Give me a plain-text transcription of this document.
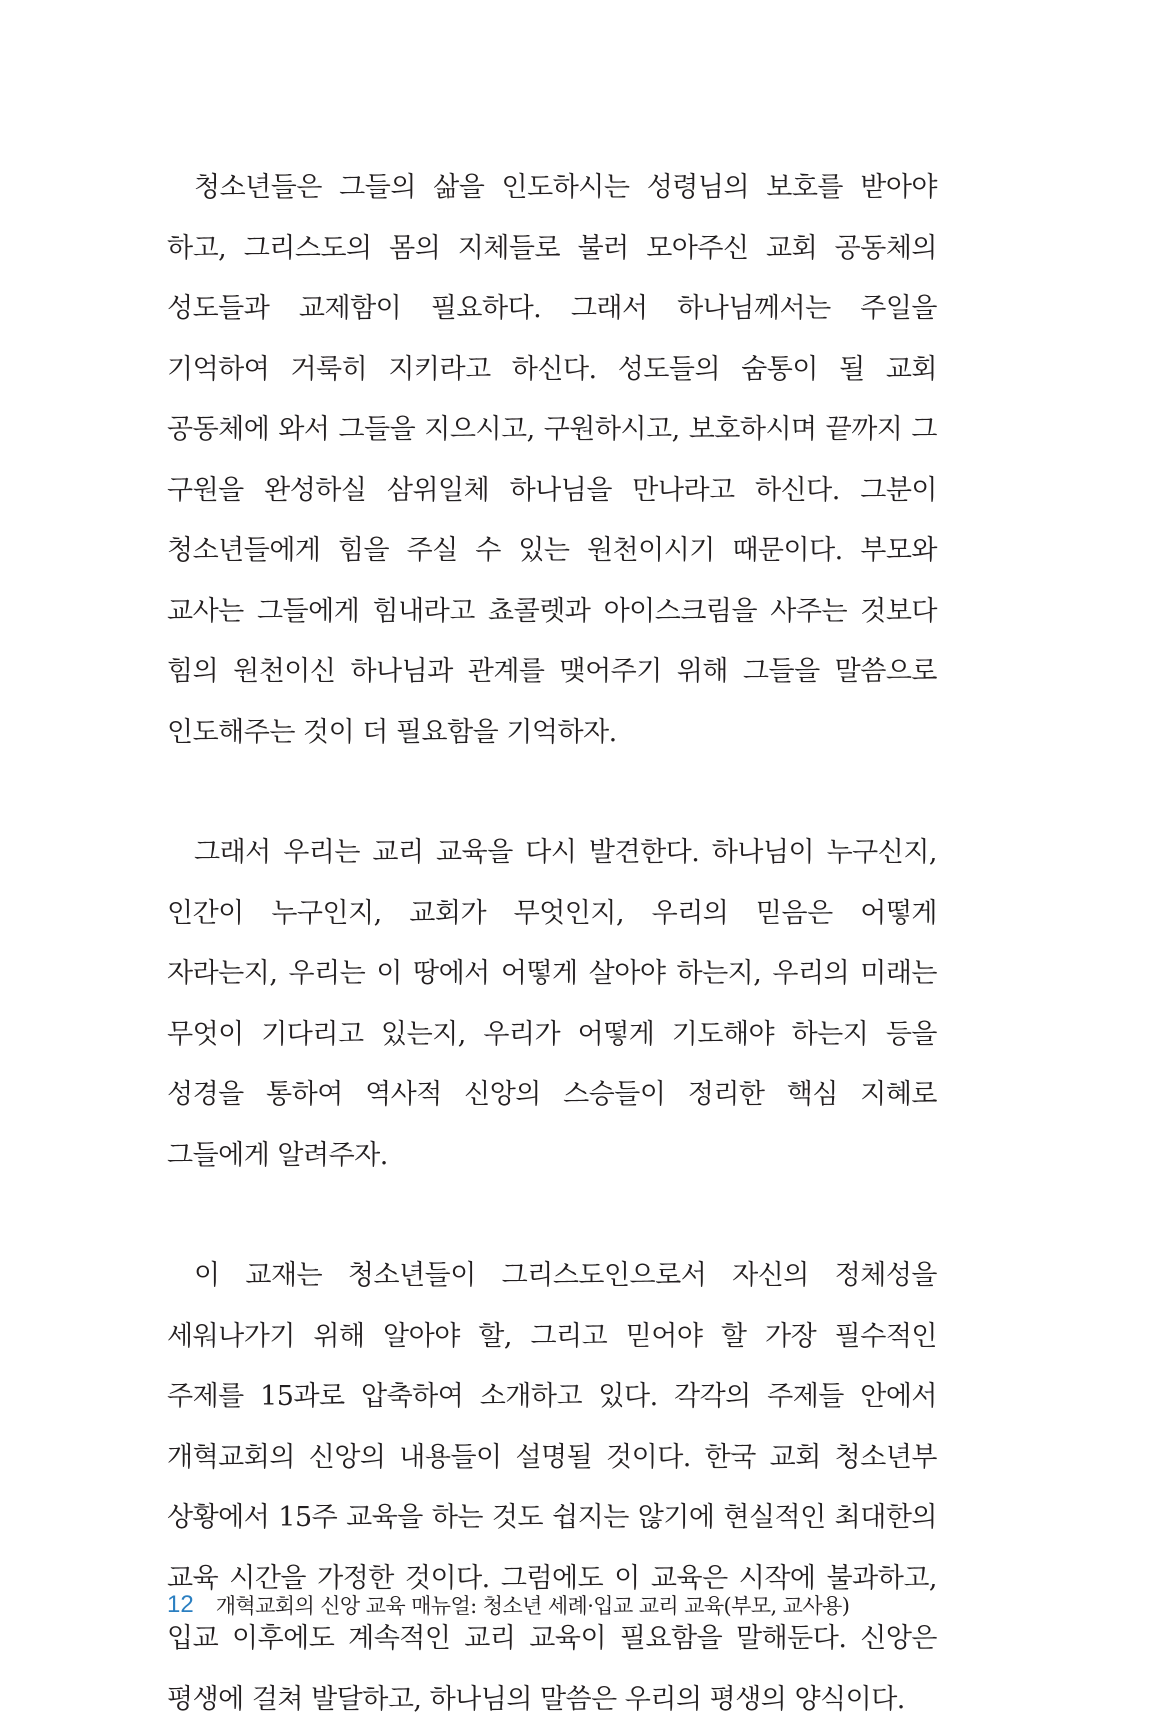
청소년들은 그들의 삶을 인도하시는 성령님의 보호를 받아야 하고, 그리스도의 몸의 지체들로 불러 모아주신 교회 공동체의 성도들과 교제함이 필요하다. 그래서 하나님께서는 주일을 기억하여 거룩히 지키라고 하신다. 성도들의 숨통이 될 교회 공동체에 와서 그들을 지으시고, 구원하시고, 보호하시며 끝까지 그 구원을 완성하실 삼위일체 하나님을 만나라고 하신다. 그분이 청소년들에게 힘을 주실 수 있는 원천이시기 때문이다. 부모와 교사는 그들에게 힘내라고 쵸콜렛과 아이스크림을 사주는 것보다 힘의 원천이신 하나님과 관계를 맺어주기 위해 그들을 말씀으로 인도해주는 것이 더 필요함을 기억하자.

그래서 우리는 교리 교육을 다시 발견한다. 하나님이 누구신지, 인간이 누구인지, 교회가 무엇인지, 우리의 믿음은 어떻게 자라는지, 우리는 이 땅에서 어떻게 살아야 하는지, 우리의 미래는 무엇이 기다리고 있는지, 우리가 어떻게 기도해야 하는지 등을 성경을 통하여 역사적 신앙의 스승들이 정리한 핵심 지혜로 그들에게 알려주자.

이 교재는 청소년들이 그리스도인으로서 자신의 정체성을 세워나가기 위해 알아야 할, 그리고 믿어야 할 가장 필수적인 주제를 15과로 압축하여 소개하고 있다. 각각의 주제들 안에서 개혁교회의 신앙의 내용들이 설명될 것이다. 한국 교회 청소년부 상황에서 15주 교육을 하는 것도 쉽지는 않기에 현실적인 최대한의 교육 시간을 가정한 것이다. 그럼에도 이 교육은 시작에 불과하고, 입교 이후에도 계속적인 교리 교육이 필요함을 말해둔다. 신앙은 평생에 걸쳐 발달하고, 하나님의 말씀은 우리의 평생의 양식이다.

12 개혁교회의 신앙 교육 매뉴얼: 청소년 세례·입교 교리 교육(부모, 교사용)
